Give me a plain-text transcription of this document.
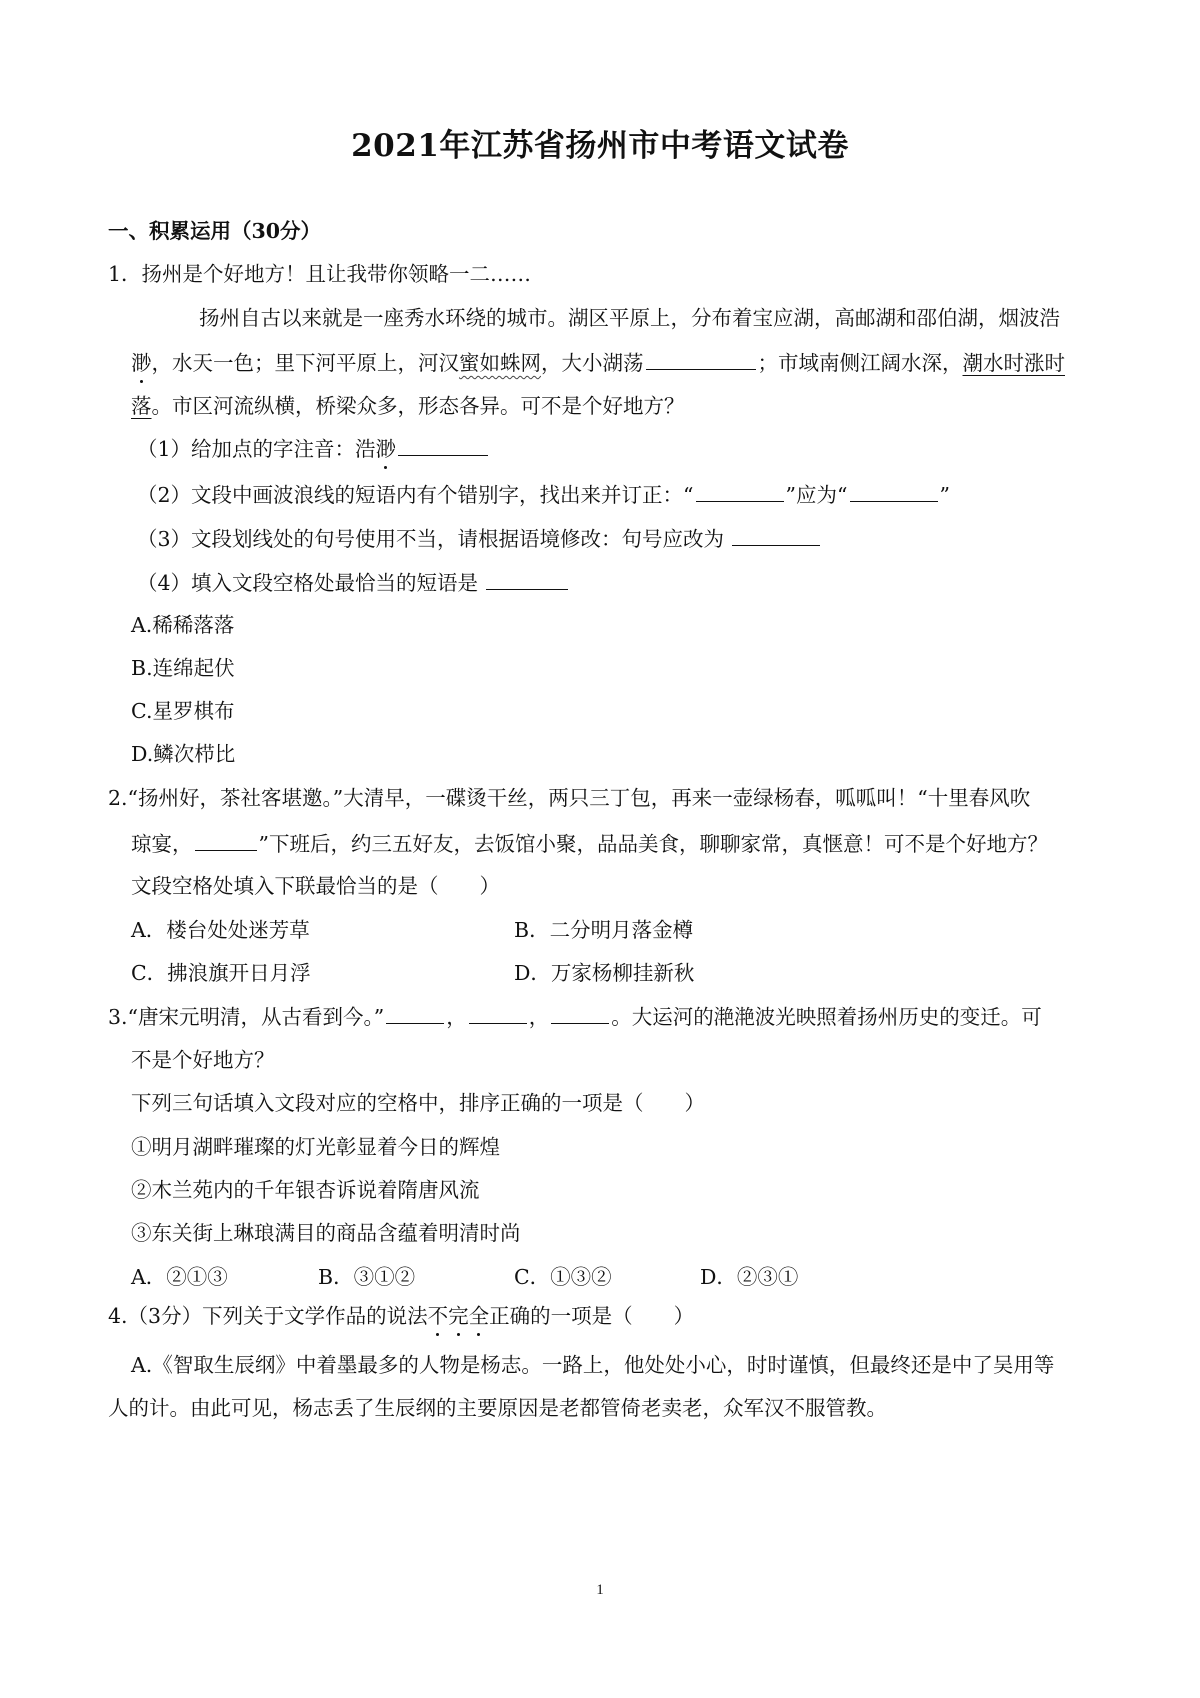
2021年江苏省扬州市中考语文试卷
一、积累运用（30分）
1．扬州是个好地方！且让我带你领略一二……
扬州自古以来就是一座秀水环绕的城市。湖区平原上，分布着宝应湖，高邮湖和邵伯湖，烟波浩
渺，水天一色；里下河平原上，河汉蜜如蛛网，大小湖荡	；市域南侧江阔水深，潮水时涨时
落。市区河流纵横，桥梁众多，形态各异。可不是个好地方？
（1）给加点的字注音：浩渺
（2）文段中画波浪线的短语内有个错别字，找出来并订正：“	”应为“	”
（3）文段划线处的句号使用不当，请根据语境修改：句号应改为
（4）填入文段空格处最恰当的短语是
A.稀稀落落
B.连绵起伏
C.星罗棋布
D.鳞次栉比
2.“扬州好，茶社客堪邀。”大清早，一碟烫干丝，两只三丁包，再来一壶绿杨春，呱呱叫！“十里春风吹
琼宴，	”下班后，约三五好友，去饭馆小聚，品品美食，聊聊家常，真惬意！可不是个好地方？
文段空格处填入下联最恰当的是（　　）
A．楼台处处迷芳草	B．二分明月落金樽
C．拂浪旗开日月浮	D．万家杨柳挂新秋
3.“唐宋元明清，从古看到今。”	，	，	。大运河的滟滟波光映照着扬州历史的变迁。可
不是个好地方？
下列三句话填入文段对应的空格中，排序正确的一项是（　　）
①明月湖畔璀璨的灯光彰显着今日的辉煌
②木兰苑内的千年银杏诉说着隋唐风流
③东关街上琳琅满目的商品含蕴着明清时尚
A．②①③	B．③①②	C．①③②	D．②③①
4.（3分）下列关于文学作品的说法不完全正确的一项是（　　）
A.《智取生辰纲》中着墨最多的人物是杨志。一路上，他处处小心，时时谨慎，但最终还是中了吴用等
人的计。由此可见，杨志丢了生辰纲的主要原因是老都管倚老卖老，众军汉不服管教。
1
